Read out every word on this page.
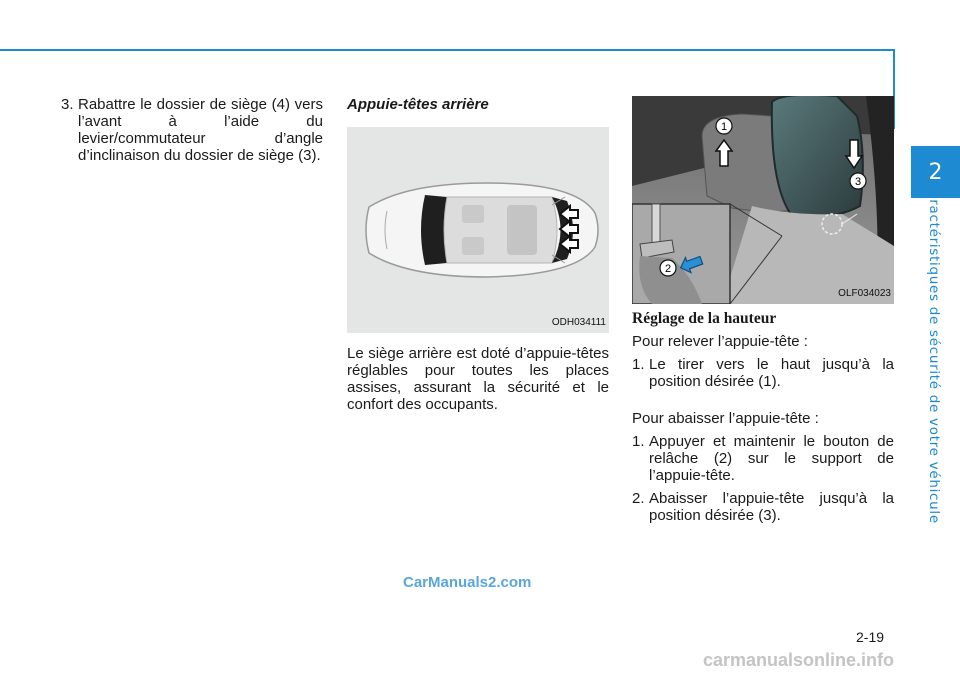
2
Caractéristiques de sécurité de votre véhicule
3. Rabattre le dossier de siège (4) vers l’avant à l’aide du levier/commutateur d’angle d’inclinaison du dossier de siège (3).
Appuie-têtes arrière
ODH034111

Le siège arrière est doté d’appuie-têtes réglables pour toutes les places assises, assurant la sécurité et le confort des occupants.

1
3
2
OLF034023
Réglage de la hauteur

Pour relever l’appuie-tête :

1. Le tirer vers le haut jusqu’à la position désirée (1).

Pour abaisser l’appuie-tête :

1. Appuyer et maintenir le bouton de relâche (2) sur le support de l’appuie-tête.
2. Abaisser l’appuie-tête jusqu’à la position désirée (3).
CarManuals2.com
2-19
carmanualsonline.info
